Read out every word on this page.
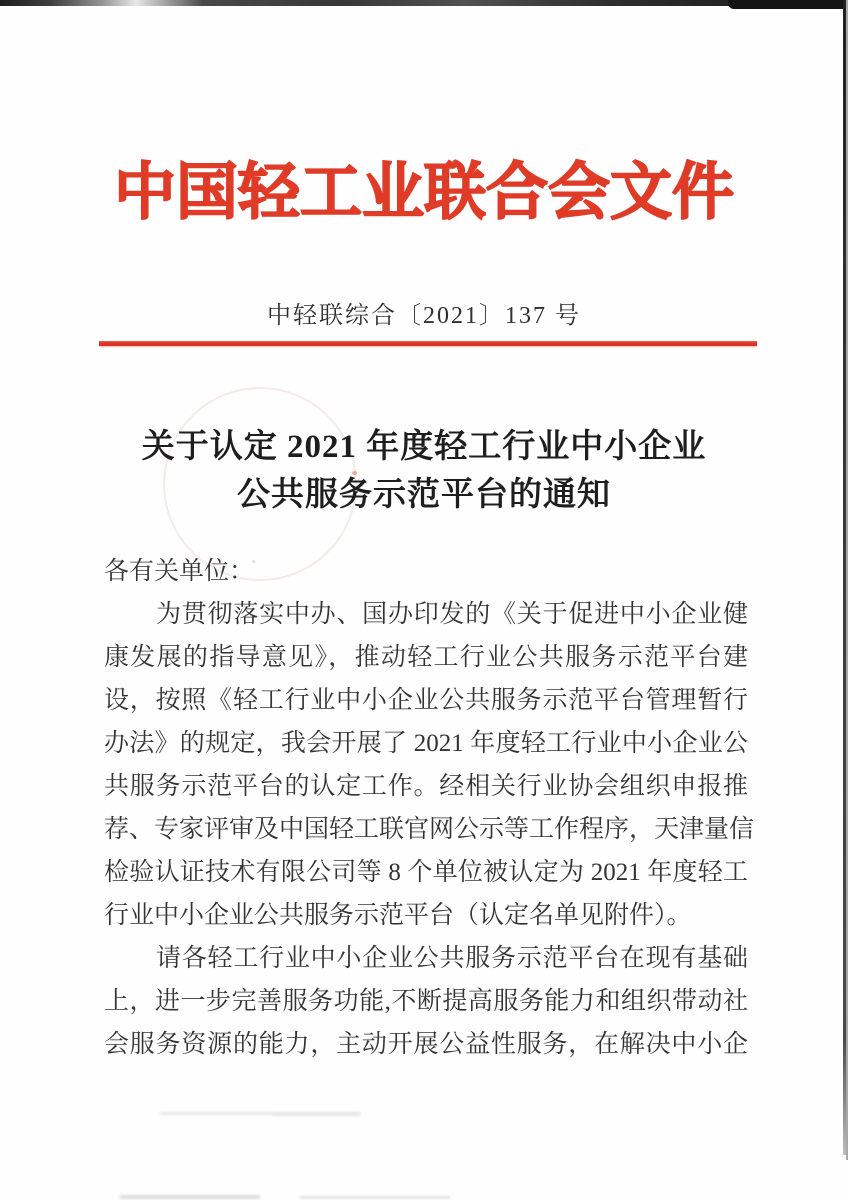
中国轻工业联合会文件
中轻联综合〔2021〕137 号
关于认定 2021 年度轻工行业中小企业
公共服务示范平台的通知
各有关单位：
为贯彻落实中办、国办印发的《关于促进中小企业健
康发展的指导意见》，推动轻工行业公共服务示范平台建
设，按照《轻工行业中小企业公共服务示范平台管理暂行
办法》的规定，我会开展了 2021 年度轻工行业中小企业公
共服务示范平台的认定工作。经相关行业协会组织申报推
荐、专家评审及中国轻工联官网公示等工作程序，天津量信
检验认证技术有限公司等 8 个单位被认定为 2021 年度轻工
行业中小企业公共服务示范平台（认定名单见附件）。
请各轻工行业中小企业公共服务示范平台在现有基础
上，进一步完善服务功能,不断提高服务能力和组织带动社
会服务资源的能力，主动开展公益性服务，在解决中小企
